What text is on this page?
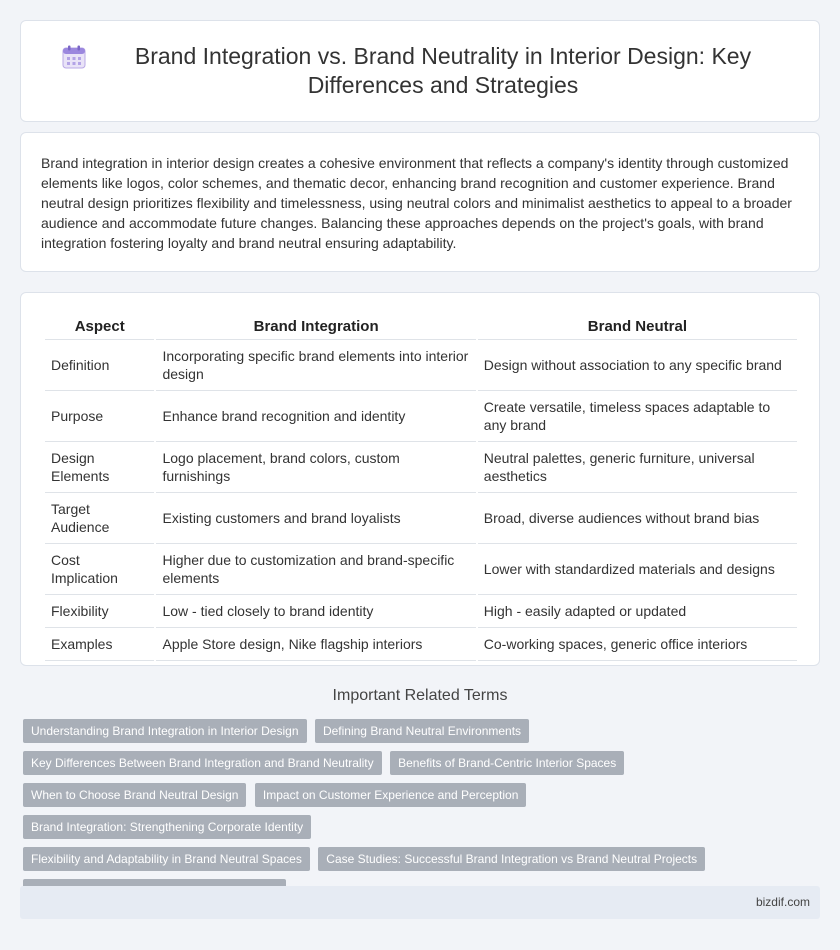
Brand Integration vs. Brand Neutrality in Interior Design: Key Differences and Strategies

Brand integration in interior design creates a cohesive environment that reflects a company's identity through customized elements like logos, color schemes, and thematic decor, enhancing brand recognition and customer experience. Brand neutral design prioritizes flexibility and timelessness, using neutral colors and minimalist aesthetics to appeal to a broader audience and accommodate future changes. Balancing these approaches depends on the project's goals, with brand integration fostering loyalty and brand neutral ensuring adaptability.

Aspect	Brand Integration	Brand Neutral
Definition	Incorporating specific brand elements into interior design	Design without association to any specific brand
Purpose	Enhance brand recognition and identity	Create versatile, timeless spaces adaptable to any brand
Design Elements	Logo placement, brand colors, custom furnishings	Neutral palettes, generic furniture, universal aesthetics
Target Audience	Existing customers and brand loyalists	Broad, diverse audiences without brand bias
Cost Implication	Higher due to customization and brand-specific elements	Lower with standardized materials and designs
Flexibility	Low - tied closely to brand identity	High - easily adapted or updated
Examples	Apple Store design, Nike flagship interiors	Co-working spaces, generic office interiors
Important Related Terms
Understanding Brand Integration in Interior Design Defining Brand Neutral Environments
Key Differences Between Brand Integration and Brand Neutrality Benefits of Brand-Centric Interior Spaces
When to Choose Brand Neutral Design Impact on Customer Experience and Perception Brand Integration: Strengthening Corporate Identity
Flexibility and Adaptability in Brand Neutral Spaces Case Studies: Successful Brand Integration vs Brand Neutral Projects

bizdif.com
